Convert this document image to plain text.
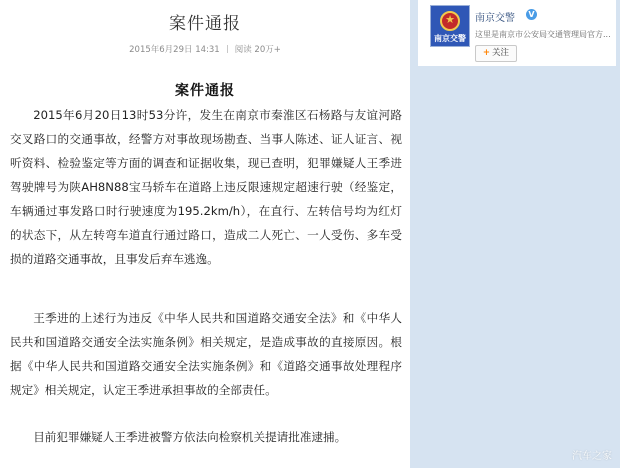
案件通报
2015年6月29日 14:31 阅读 20万+
案件通报

2015年6月20日13时53分许，发生在南京市秦淮区石杨路与友谊河路交叉路口的交通事故，经警方对事故现场勘查、当事人陈述、证人证言、视听资料、检验鉴定等方面的调查和证据收集，现已查明，犯罪嫌疑人王季进驾驶牌号为陕AH8N88宝马轿车在道路上违反限速规定超速行驶（经鉴定，车辆通过事发路口时行驶速度为195.2km/h），在直行、左转信号均为红灯的状态下，从左转弯车道直行通过路口，造成二人死亡、一人受伤、多车受损的道路交通事故，且事发后弃车逃逸。

王季进的上述行为违反《中华人民共和国道路交通安全法》和《中华人民共和国道路交通安全法实施条例》相关规定，是造成事故的直接原因。根据《中华人民共和国道路交通安全法实施条例》和《道路交通事故处理程序规定》相关规定，认定王季进承担事故的全部责任。

目前犯罪嫌疑人王季进被警方依法向检察机关提请批准逮捕。

★
南京交警
南京交警 V
这里是南京市公安局交通管理局官方...
+ 关注
汽车之家
